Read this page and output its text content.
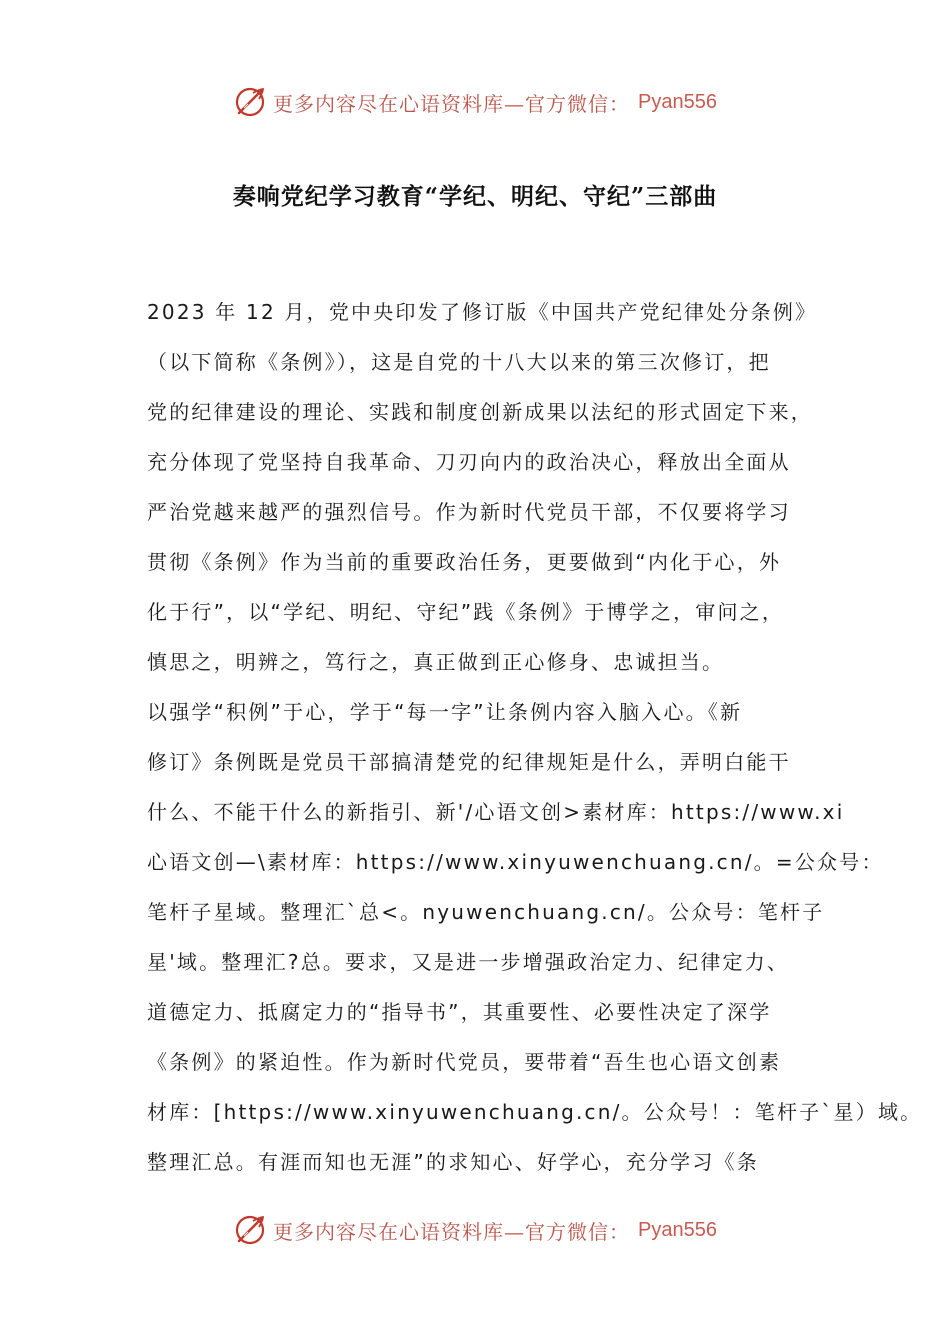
更多内容尽在心语资料库—官方微信： Pyan556
奏响党纪学习教育“学纪、明纪、守纪”三部曲
2023 年 12 月，党中央印发了修订版《中国共产党纪律处分条例》
（以下简称《条例》），这是自党的十八大以来的第三次修订，把
党的纪律建设的理论、实践和制度创新成果以法纪的形式固定下来，
充分体现了党坚持自我革命、刀刃向内的政治决心，释放出全面从
严治党越来越严的强烈信号。作为新时代党员干部，不仅要将学习
贯彻《条例》作为当前的重要政治任务，更要做到“内化于心，外
化于行”，以“学纪、明纪、守纪”践《条例》于博学之，审问之，
慎思之，明辨之，笃行之，真正做到正心修身、忠诚担当。
以强学“积例”于心，学于“每一字”让条例内容入脑入心。《新
修订》条例既是党员干部搞清楚党的纪律规矩是什么，弄明白能干
什么、不能干什么的新指引、新'/心语文创>素材库：https://www.xi
心语文创—\素材库：https://www.xinyuwenchuang.cn/。=公众号：
笔杆子星域。整理汇`总<。nyuwenchuang.cn/。公众号：笔杆子
星'域。整理汇?总。要求，又是进一步增强政治定力、纪律定力、
道德定力、抵腐定力的“指导书”，其重要性、必要性决定了深学
《条例》的紧迫性。作为新时代党员，要带着“吾生也心语文创素
材库：[https://www.xinyuwenchuang.cn/。公众号！：笔杆子`星）域。
整理汇总。有涯而知也无涯”的求知心、好学心，充分学习《条
更多内容尽在心语资料库—官方微信： Pyan556
